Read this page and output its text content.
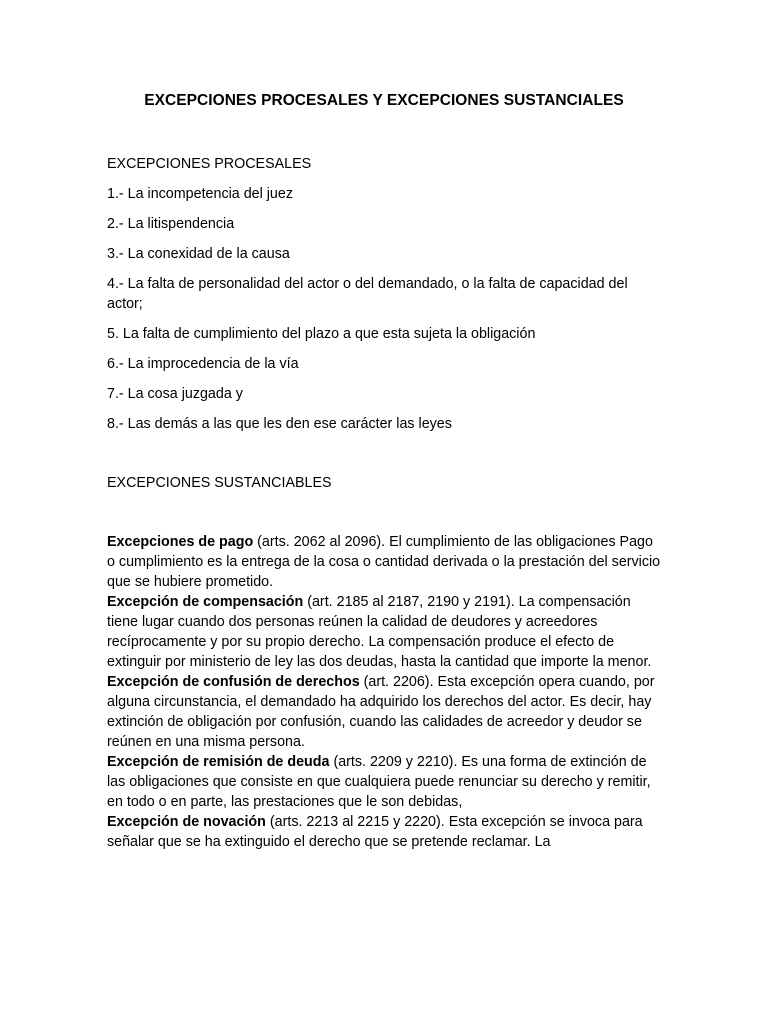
EXCEPCIONES PROCESALES Y EXCEPCIONES SUSTANCIALES

EXCEPCIONES PROCESALES

1.- La incompetencia del juez
2.- La litispendencia
3.- La conexidad de la causa
4.- La falta de personalidad del actor o del demandado, o la falta de capacidad del actor;
5. La falta de cumplimiento del plazo a que esta sujeta la obligación
6.- La improcedencia de la vía
7.- La cosa juzgada y
8.- Las demás a las que les den ese carácter las leyes

EXCEPCIONES SUSTANCIABLES

Excepciones de pago (arts. 2062 al 2096). El cumplimiento de las obligaciones Pago o cumplimiento es la entrega de la cosa o cantidad derivada o la prestación del servicio que se hubiere prometido.

Excepción de compensación (art. 2185 al 2187, 2190 y 2191). La compensación tiene lugar cuando dos personas reúnen la calidad de deudores y acreedores recíprocamente y por su propio derecho. La compensación produce el efecto de extinguir por ministerio de ley las dos deudas, hasta la cantidad que importe la menor.

Excepción de confusión de derechos (art. 2206). Esta excepción opera cuando, por alguna circunstancia, el demandado ha adquirido los derechos del actor. Es decir, hay extinción de obligación por confusión, cuando las calidades de acreedor y deudor se reúnen en una misma persona.

Excepción de remisión de deuda (arts. 2209 y 2210). Es una forma de extinción de las obligaciones que consiste en que cualquiera puede renunciar su derecho y remitir, en todo o en parte, las prestaciones que le son debidas,

Excepción de novación (arts. 2213 al 2215 y 2220). Esta excepción se invoca para señalar que se ha extinguido el derecho que se pretende reclamar. La
